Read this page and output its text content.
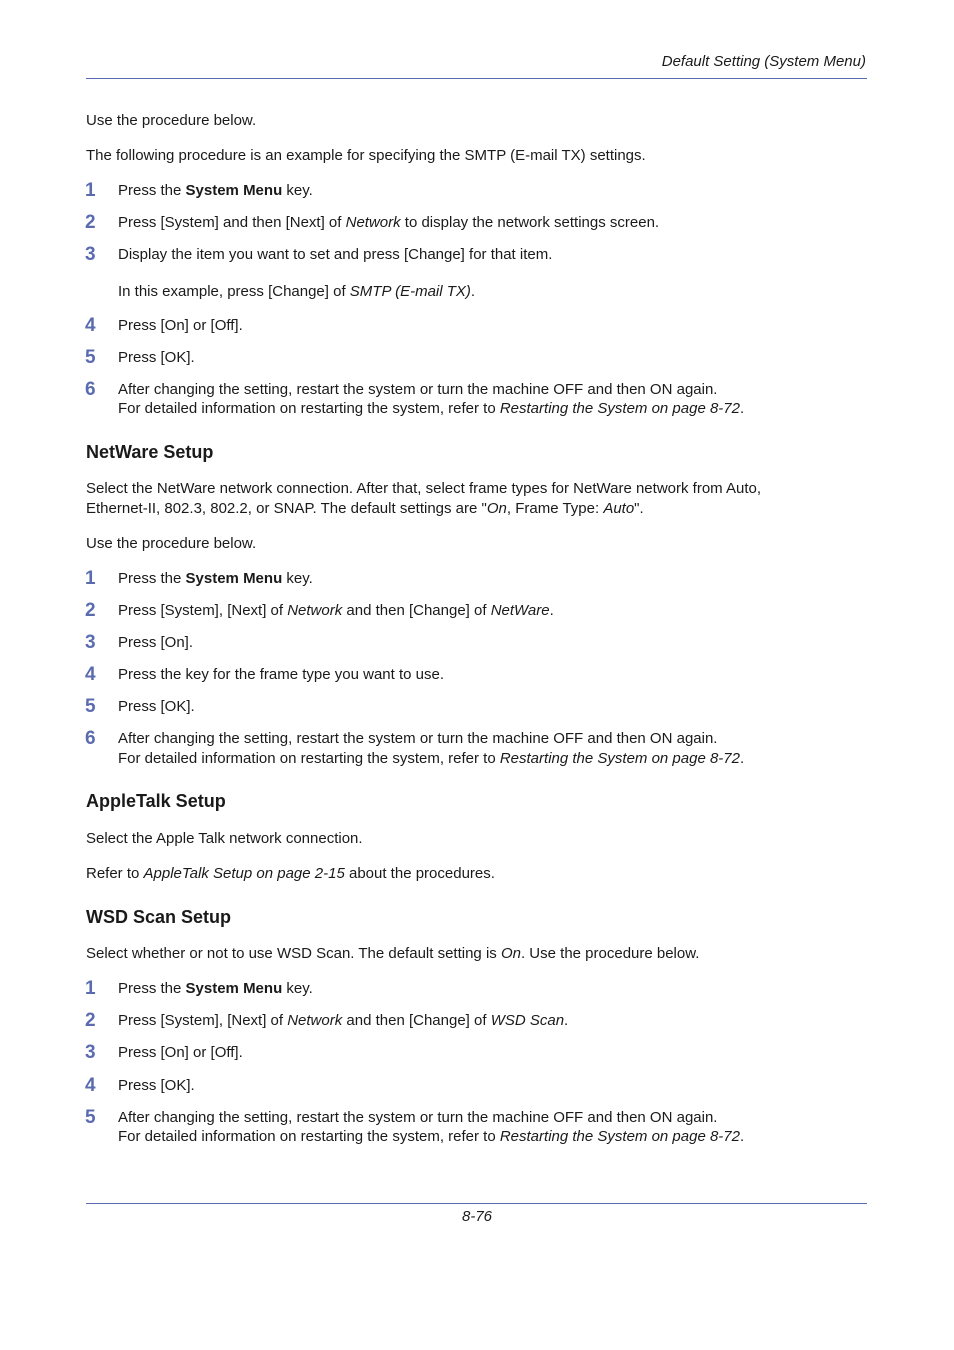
Default Setting (System Menu)

Use the procedure below.

The following procedure is an example for specifying the SMTP (E-mail TX) settings.

1	Press the System Menu key.

2	Press [System] and then [Next] of Network to display the network settings screen.

3	Display the item you want to set and press [Change] for that item.

In this example, press [Change] of SMTP (E-mail TX).

4	Press [On] or [Off].

5	Press [OK].

6	After changing the setting, restart the system or turn the machine OFF and then ON again.

For detailed information on restarting the system, refer to Restarting the System on page 8-72.

NetWare Setup

Select the NetWare network connection. After that, select frame types for NetWare network from Auto,

Ethernet-II, 802.3, 802.2, or SNAP. The default settings are "On, Frame Type: Auto".

Use the procedure below.

1	Press the System Menu key.

2	Press [System], [Next] of Network and then [Change] of NetWare.

3	Press [On].

4	Press the key for the frame type you want to use.

5	Press [OK].

6	After changing the setting, restart the system or turn the machine OFF and then ON again.

For detailed information on restarting the system, refer to Restarting the System on page 8-72.

AppleTalk Setup

Select the Apple Talk network connection.

Refer to AppleTalk Setup on page 2-15 about the procedures.

WSD Scan Setup

Select whether or not to use WSD Scan. The default setting is On. Use the procedure below.

1	Press the System Menu key.

2	Press [System], [Next] of Network and then [Change] of WSD Scan.

3	Press [On] or [Off].

4	Press [OK].

5	After changing the setting, restart the system or turn the machine OFF and then ON again.

For detailed information on restarting the system, refer to Restarting the System on page 8-72.

8-76
